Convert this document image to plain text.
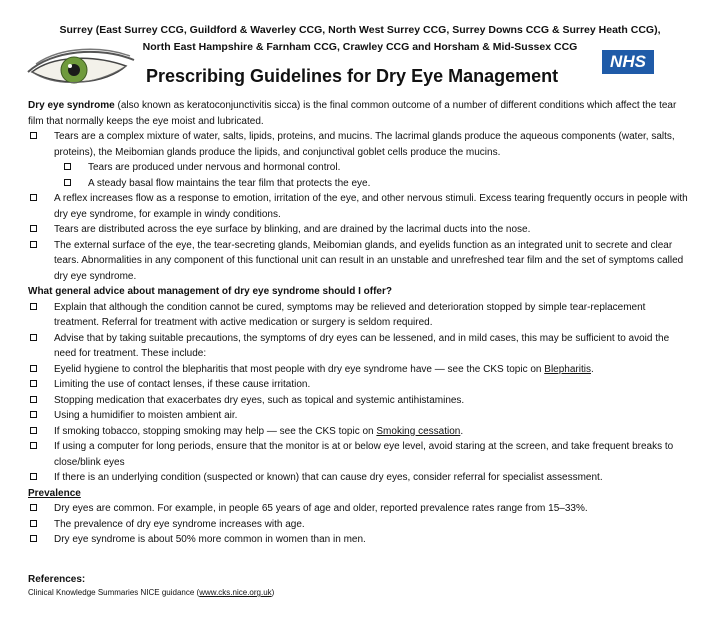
Surrey (East Surrey CCG, Guildford & Waverley CCG, North West Surrey CCG, Surrey Downs CCG & Surrey Heath CCG),
North East Hampshire & Farnham CCG, Crawley CCG and Horsham & Mid-Sussex CCG
NHS
Prescribing Guidelines for Dry Eye Management

Dry eye syndrome (also known as keratoconjunctivitis sicca) is the final common outcome of a number of different conditions which affect the tear film that normally keeps the eye moist and lubricated.

Tears are a complex mixture of water, salts, lipids, proteins, and mucins. The lacrimal glands produce the aqueous components (water, salts, proteins), the Meibomian glands produce the lipids, and conjunctival goblet cells produce the mucins.
Tears are produced under nervous and hormonal control.
A steady basal flow maintains the tear film that protects the eye.
A reflex increases flow as a response to emotion, irritation of the eye, and other nervous stimuli. Excess tearing frequently occurs in people with dry eye syndrome, for example in windy conditions.
Tears are distributed across the eye surface by blinking, and are drained by the lacrimal ducts into the nose.
The external surface of the eye, the tear-secreting glands, Meibomian glands, and eyelids function as an integrated unit to secrete and clear tears. Abnormalities in any component of this functional unit can result in an unstable and unrefreshed tear film and the set of symptoms called dry eye syndrome.

What general advice about management of dry eye syndrome should I offer?

Explain that although the condition cannot be cured, symptoms may be relieved and deterioration stopped by simple tear-replacement treatment. Referral for treatment with active medication or surgery is seldom required.
Advise that by taking suitable precautions, the symptoms of dry eyes can be lessened, and in mild cases, this may be sufficient to avoid the need for treatment. These include:
Eyelid hygiene to control the blepharitis that most people with dry eye syndrome have — see the CKS topic on Blepharitis.
Limiting the use of contact lenses, if these cause irritation.
Stopping medication that exacerbates dry eyes, such as topical and systemic antihistamines.
Using a humidifier to moisten ambient air.
If smoking tobacco, stopping smoking may help — see the CKS topic on Smoking cessation.
If using a computer for long periods, ensure that the monitor is at or below eye level, avoid staring at the screen, and take frequent breaks to close/blink eyes
If there is an underlying condition (suspected or known) that can cause dry eyes, consider referral for specialist assessment.

Prevalence

Dry eyes are common. For example, in people 65 years of age and older, reported prevalence rates range from 15–33%.
The prevalence of dry eye syndrome increases with age.
Dry eye syndrome is about 50% more common in women than in men.

References:

Clinical Knowledge Summaries NICE guidance (www.cks.nice.org.uk)
